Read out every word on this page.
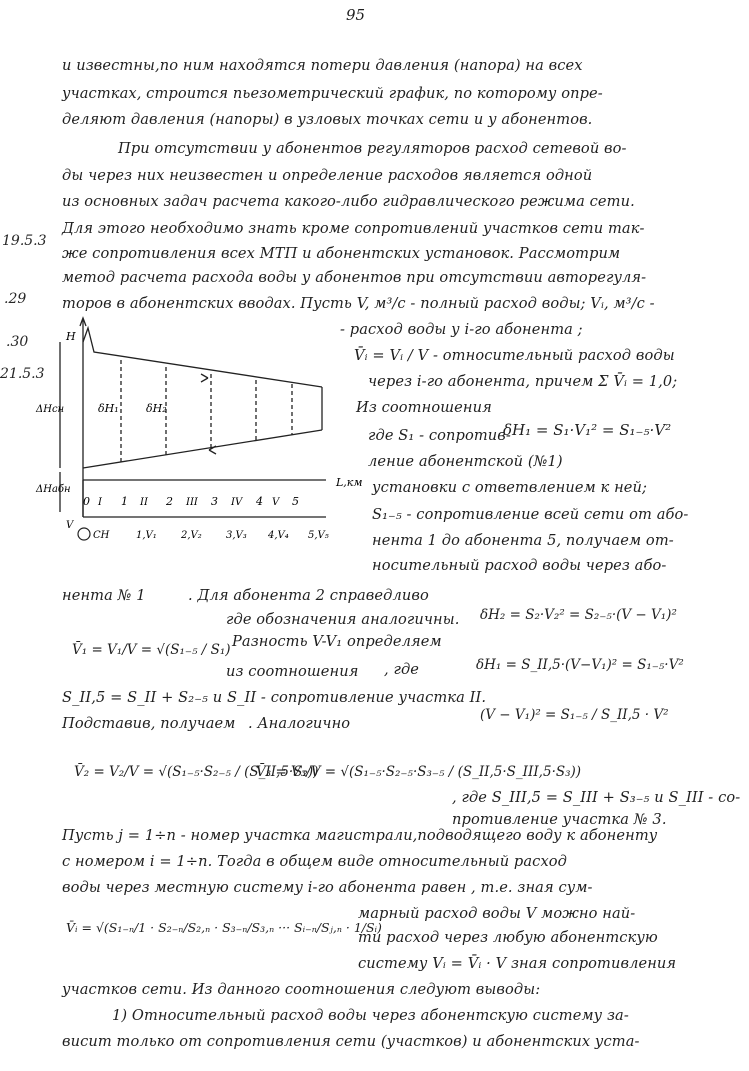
95
19.5.3
.29
.30
21.5.3
и известны,по ним находятся потери давления (напора) на всех
участках, строится пьезометрический график, по которому опре-
деляют давления (напоры) в узловых точках сети и у абонентов.
При отсутствии у абонентов регуляторов расход сетевой во-
ды через них неизвестен и определение расходов является одной
из основных задач расчета какого-либо гидравлического режима сети.
Для этого необходимо знать кроме сопротивлений участков сети так-
же сопротивления всех МТП и абонентских установок. Рассмотрим
метод расчета расхода воды у абонентов при отсутствии авторегуля-
торов в абонентских вводах. Пусть V, м³/с - полный расход воды; Vᵢ, м³/с -
- расход воды у i-го абонента ;
V̄ᵢ = Vᵢ / V - относительный расход воды
через i-го абонента, причем Σ V̄ᵢ = 1,0;
Из соотношения
где S₁ - сопротив-
δH₁ = S₁·V₁² = S₁₋₅·V²
ление абонентской (№1)
установки с ответвлением к ней;
S₁₋₅ - сопротивление всей сети от або-
нента 1 до абонента 5, получаем от-
носительный расход воды через або-
H
ΔHсн
ΔHабн
δH₁ δH₂
L,км
0	1	2	3	4	5
I	II	III	IV	V
СН
V
1,V₁ 2,V₂ 3,V₃ 4,V₄ 5,V₅
нента № 1	. Для абонента 2 справедливо
где обозначения аналогичны.	δH₂ = S₂·V₂² = S₂₋₅·(V − V₁)²
V̄₁ = V₁/V = √(S₁₋₅ / S₁) Разность V-V₁ определяем
из соотношения	, где	δH₁ = S_II,5·(V−V₁)² = S₁₋₅·V²
S_II,5 = S_II + S₂₋₅ и S_II - сопротивление участка II.
Подставив, получаем . Аналогично	(V − V₁)² = S₁₋₅ / S_II,5 · V²
V̄₂ = V₂/V = √(S₁₋₅·S₂₋₅ / (S_II,5·S₂))
V̄₃ = V₃/V = √(S₁₋₅·S₂₋₅·S₃₋₅ / (S_II,5·S_III,5·S₃))
, где S_III,5 = S_III + S₃₋₅ и S_III - со-
противление участка № 3.
Пусть j = 1÷n - номер участка магистрали,подводящего воду к абоненту
с номером i = 1÷n. Тогда в общем виде относительный расход
воды через местную систему i-го абонента равен , т.е. зная сум-
V̄ᵢ = √(S₁₋ₙ/1 · S₂₋ₙ/S₂,ₙ · S₃₋ₙ/S₃,ₙ ··· Sᵢ₋ₙ/Sⱼ,ₙ · 1/Sᵢ)
марный расход воды V можно най-
ти расход через любую абонентскую
систему Vᵢ = V̄ᵢ · V зная сопротивления
участков сети. Из данного соотношения следуют выводы:
1) Относительный расход воды через абонентскую систему за-
висит только от сопротивления сети (участков) и абонентских уста-
